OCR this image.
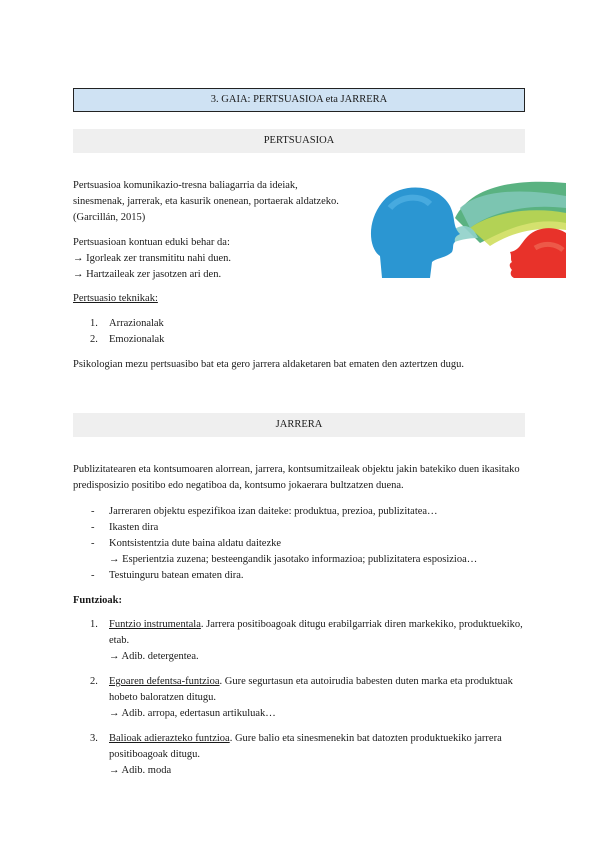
3. GAIA: PERTSUASIOA eta JARRERA
PERTSUASIOA

Pertsuasioa komunikazio-tresna baliagarria da ideiak, sinesmenak, jarrerak, eta kasurik onenean, portaerak aldatzeko. (Garcillán, 2015)

Pertsuasioan kontuan eduki behar da:

→ Igorleak zer transmititu nahi duen.

→ Hartzaileak zer jasotzen ari den.

Pertsuasio teknikak:

1. Arrazionalak
2. Emozionalak

Psikologian mezu pertsuasibo bat eta gero jarrera aldaketaren bat ematen den aztertzen dugu.

JARRERA

Publizitatearen eta kontsumoaren alorrean, jarrera, kontsumitzaileak objektu jakin batekiko duen ikasitako predisposizio positibo edo negatiboa da, kontsumo jokaerara bultzatzen duena.

- Jarreraren objektu espezifikoa izan daiteke: produktua, prezioa, publizitatea…
- Ikasten dira
- Kontsistentzia dute baina aldatu daitezke
→ Esperientzia zuzena; besteengandik jasotako informazioa; publizitatera esposizioa…
- Testuinguru batean ematen dira.

Funtzioak:

1. Funtzio instrumentala. Jarrera positiboagoak ditugu erabilgarriak diren markekiko, produktuekiko, etab.
→ Adib. detergentea.
2. Egoaren defentsa-funtzioa. Gure segurtasun eta autoirudia babesten duten marka eta produktuak hobeto baloratzen ditugu.
→ Adib. arropa, edertasun artikuluak…
3. Balioak adierazteko funtzioa. Gure balio eta sinesmenekin bat datozten produktuekiko jarrera positiboagoak ditugu.
→ Adib. moda
